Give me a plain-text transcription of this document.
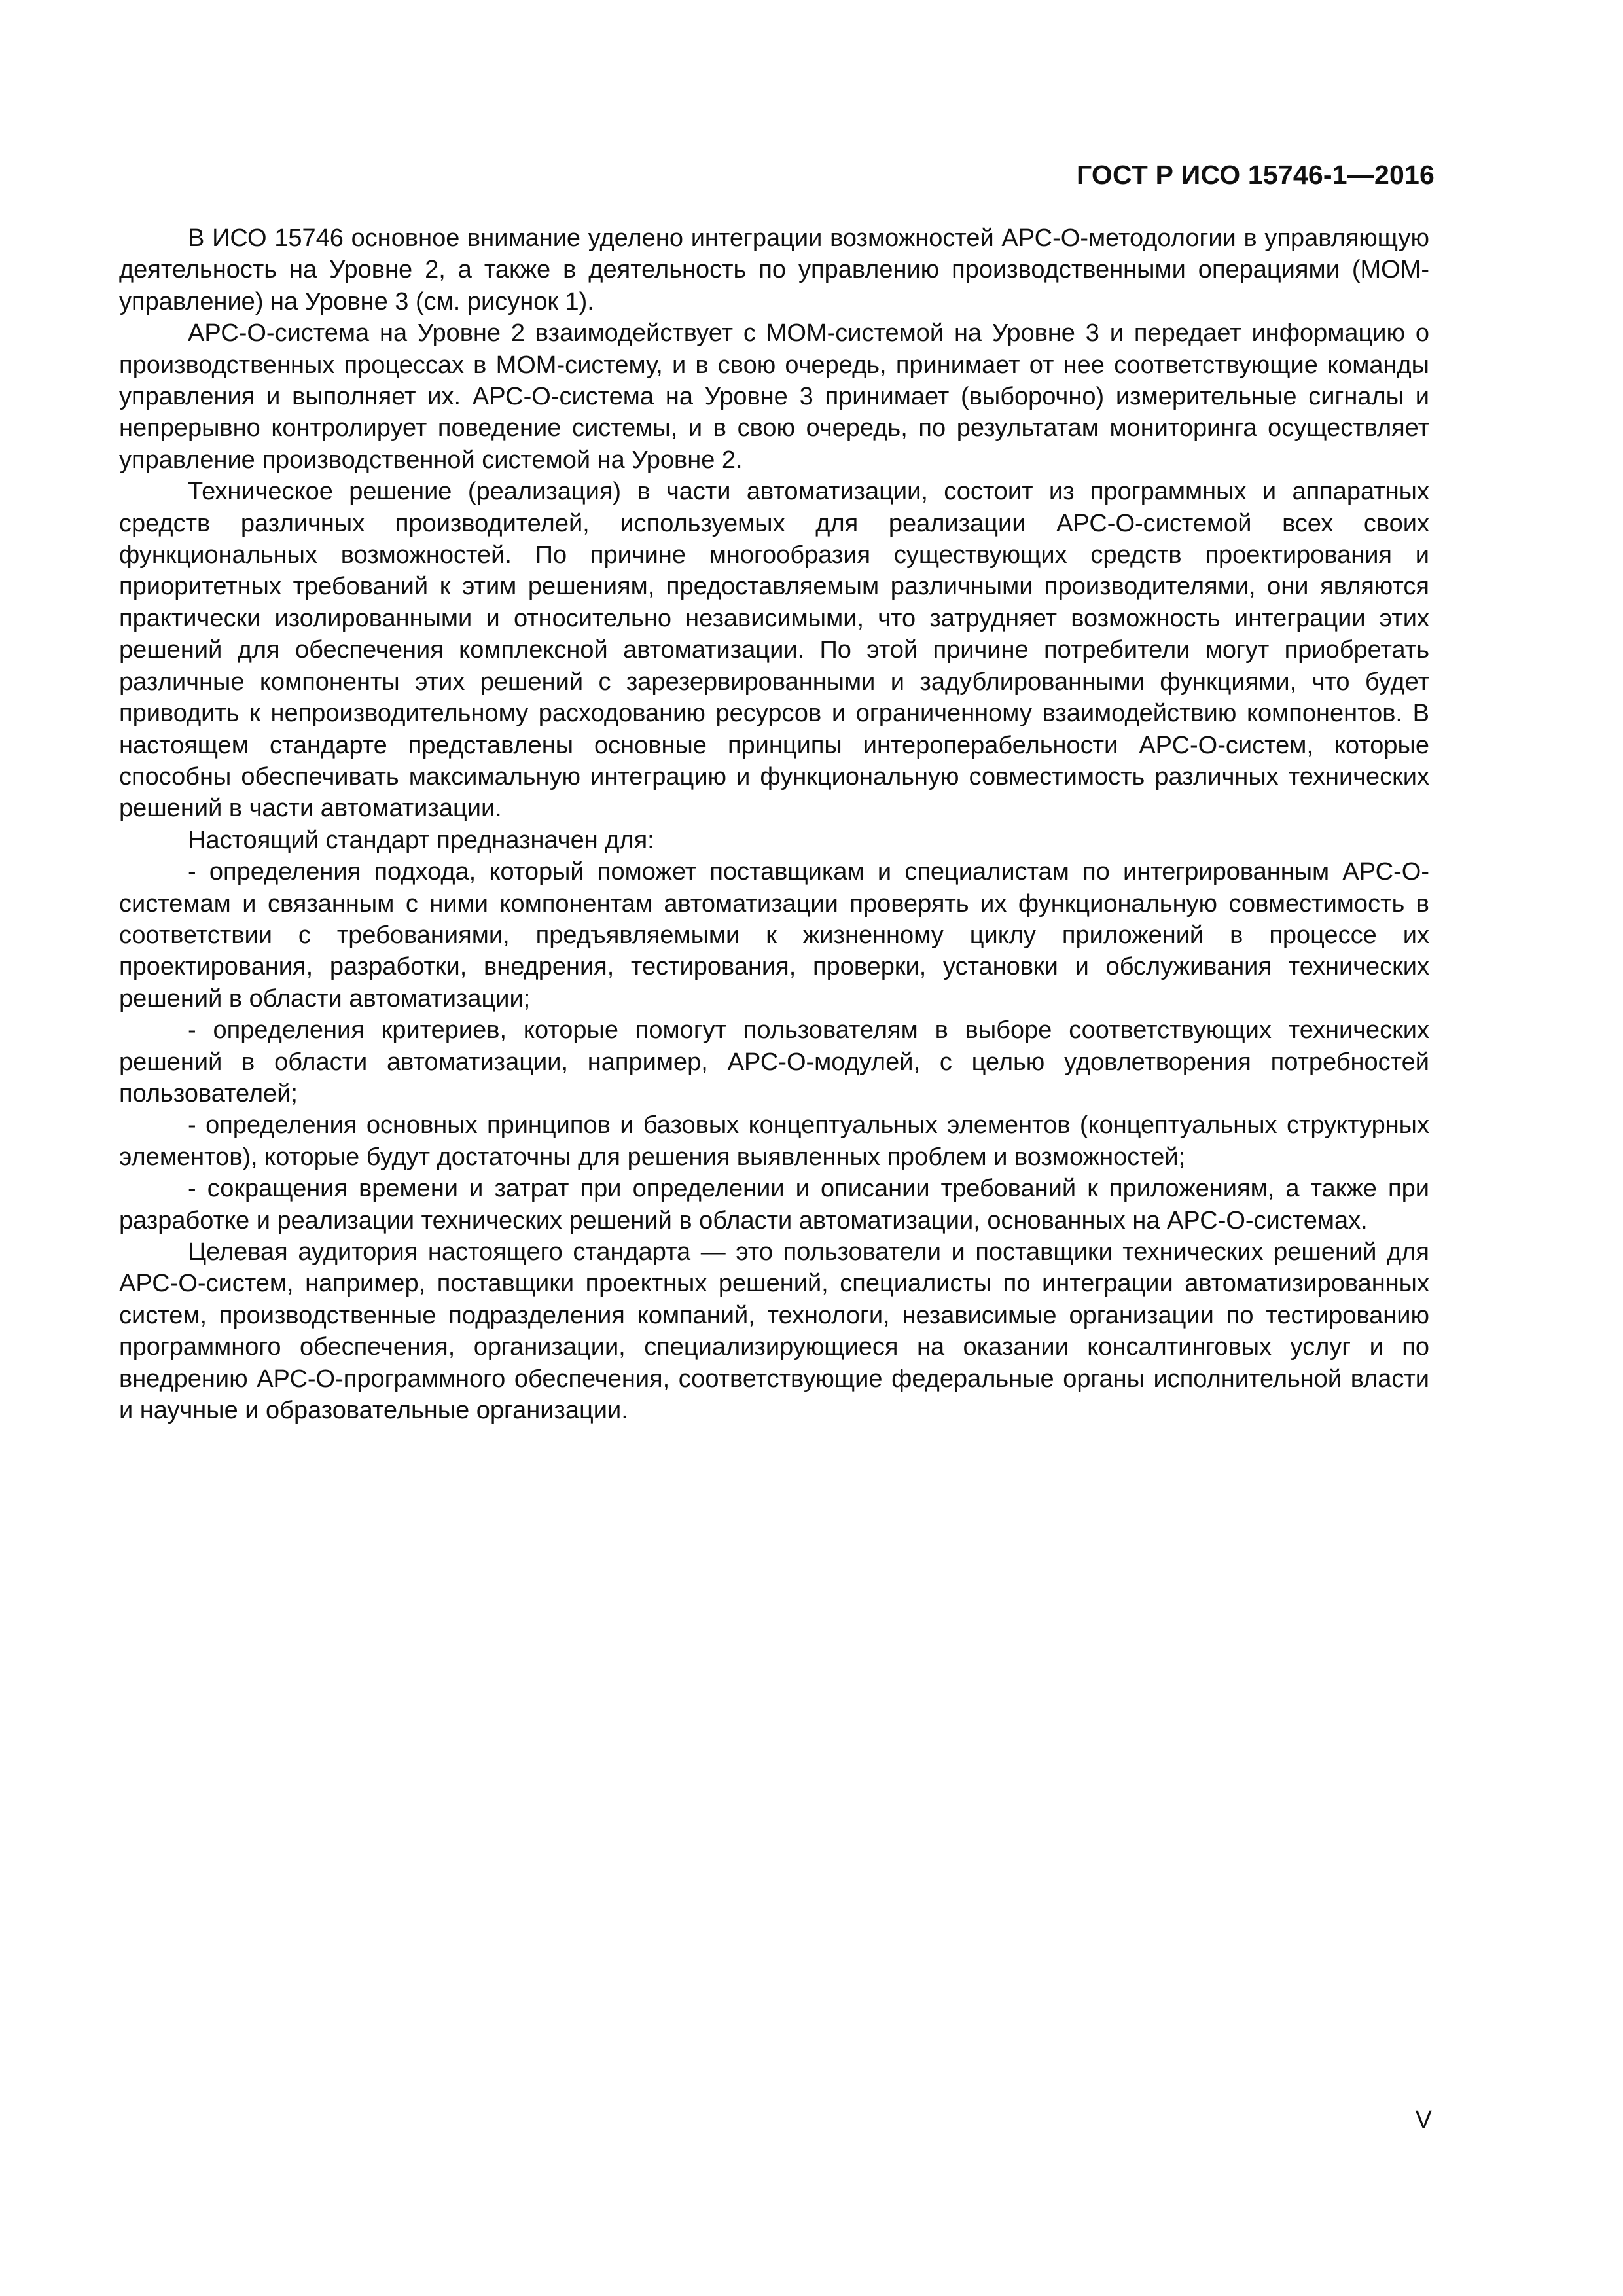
ГОСТ Р ИСО 15746-1—2016

В ИСО 15746 основное внимание уделено интеграции возможностей АРС-О-методологии в управляющую деятельность на Уровне 2, а также в деятельность по управлению производственными операциями (МОМ-управление) на Уровне 3 (см. рисунок 1).

АРС-О-система на Уровне 2 взаимодействует с МОМ-системой на Уровне 3 и передает информацию о производственных процессах в МОМ-систему, и в свою очередь, принимает от нее соответствующие команды управления и выполняет их. АРС-О-система на Уровне 3 принимает (выборочно) измерительные сигналы и непрерывно контролирует поведение системы, и в свою очередь, по результатам мониторинга осуществляет управление производственной системой на Уровне 2.

Техническое решение (реализация) в части автоматизации, состоит из программных и аппаратных средств различных производителей, используемых для реализации АРС-О-системой всех своих функциональных возможностей. По причине многообразия существующих средств проектирования и приоритетных требований к этим решениям, предоставляемым различными производителями, они являются практически изолированными и относительно независимыми, что затрудняет возможность интеграции этих решений для обеспечения комплексной автоматизации. По этой причине потребители могут приобретать различные компоненты этих решений с зарезервированными и задублированными функциями, что будет приводить к непроизводительному расходованию ресурсов и ограниченному взаимодействию компонентов. В настоящем стандарте представлены основные принципы интероперабельности АРС-О-систем, которые способны обеспечивать максимальную интеграцию и функциональную совместимость различных технических решений в части автоматизации.

Настоящий стандарт предназначен для:

- определения подхода, который поможет поставщикам и специалистам по интегрированным АРС-О-системам и связанным с ними компонентам автоматизации проверять их функциональную совместимость в соответствии с требованиями, предъявляемыми к жизненному циклу приложений в процессе их проектирования, разработки, внедрения, тестирования, проверки, установки и обслуживания технических решений в области автоматизации;

- определения критериев, которые помогут пользователям в выборе соответствующих технических решений в области автоматизации, например, АРС-О-модулей, с целью удовлетворения потребностей пользователей;

- определения основных принципов и базовых концептуальных элементов (концептуальных структурных элементов), которые будут достаточны для решения выявленных проблем и возможностей;

- сокращения времени и затрат при определении и описании требований к приложениям, а также при разработке и реализации технических решений в области автоматизации, основанных на АРС-О-системах.

Целевая аудитория настоящего стандарта — это пользователи и поставщики технических решений для АРС-О-систем, например, поставщики проектных решений, специалисты по интеграции автоматизированных систем, производственные подразделения компаний, технологи, независимые организации по тестированию программного обеспечения, организации, специализирующиеся на оказании консалтинговых услуг и по внедрению АРС-О-программного обеспечения, соответствующие федеральные органы исполнительной власти и научные и образовательные организации.

V
